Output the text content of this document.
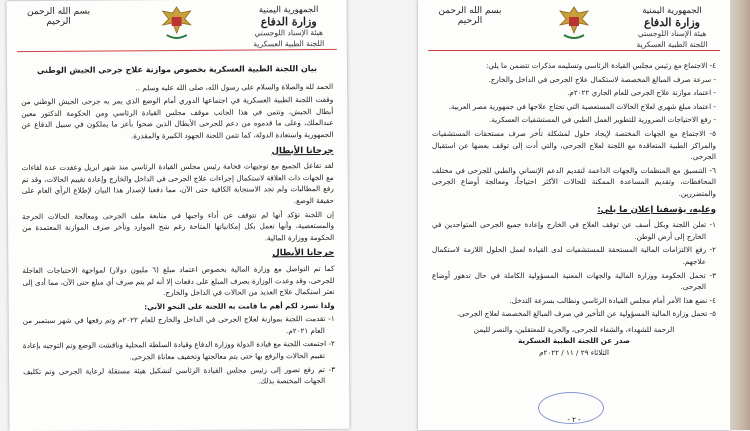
الجمهورية اليمنية
وزارة الدفاع
هيئة الإسناد اللوجستي
اللجنة الطبية العسكرية
بسم الله الرحمن الرحيم
بيان اللجنة الطبية العسكرية بخصوص موازنة علاج جرحى الجيش الوطني

الحمد لله والصلاة والسلام على رسول الله، صلى الله عليه وسلم ..

وقفت اللجنة الطبية العسكرية في اجتماعها الدوري أمام الوضع الذي يمر به جرحى الجيش الوطني من أبطال الجيش، وتثمن في هذا الجانب موقف مجلس القيادة الرئاسي ومن الحكومة الدكتور معين عبدالملك، وعلى ما قدموه من دعم للجرحى الأبطال الذين ضحوا بأعز ما يملكون في سبيل الدفاع عن الجمهورية واستعادة الدولة، كما تثمن اللجنة الجهود الكبيرة والمقدرة.

جرحانا الأبطال

لقد تفاعل الجميع مع توجيهات فخامة رئيس مجلس القيادة الرئاسي منذ شهر ابريل وعقدت عدة لقاءات مع الجهات ذات العلاقة لاستكمال إجراءات علاج الجرحى في الداخل والخارج وإعادة تقييم الحالات، وقد تم رفع المطالبات ولم تجد الاستجابة الكافية حتى الآن، مما دفعنا لإصدار هذا البيان لإطلاع الرأي العام على حقيقة الوضع.

إن اللجنة تؤكد أنها لم تتوقف عن أداء واجبها في متابعة ملف الجرحى ومعالجة الحالات الحرجة والمستعصية، وأنها تعمل بكل إمكانياتها المتاحة رغم شح الموارد وتأخر صرف الموازنة المعتمدة من الحكومة ووزارة المالية.

جرحانا الأبطال

كما تم التواصل مع وزارة المالية بخصوص اعتماد مبلغ (٦ مليون دولار) لمواجهة الاحتياجات العاجلة للجرحى، وقد وعدت الوزارة بصرف المبلغ على دفعات إلا أنه لم يتم صرف أي مبلغ حتى الآن، مما أدى إلى تعثر استكمال علاج العديد من الحالات في الداخل والخارج.

ولذا نسرد لكم أهم ما قامت به اللجنة على النحو الآتي:

١- تقدمت اللجنة بموازنة لعلاج الجرحى في الداخل والخارج للعام ٢٠٢٢م وتم رفعها في شهر سبتمبر من العام ٢٠٢١م.

٢- اجتمعت اللجنة مع قيادة الدولة ووزارة الدفاع وقيادة السلطة المحلية وناقشت الوضع وتم التوجيه بإعادة تقييم الحالات والرفع بها حتى يتم معالجتها وتخفيف معاناة الجرحى.

٣- تم رفع تصور إلى رئيس مجلس القيادة الرئاسي لتشكيل هيئة مستقلة لرعاية الجرحى وتم تكليف الجهات المختصة بذلك.

الجمهورية اليمنية
وزارة الدفاع
هيئة الإسناد اللوجستي
اللجنة الطبية العسكرية
بسم الله الرحمن الرحيم

٤- الاجتماع مع رئيس مجلس القيادة الرئاسي وتسليمه مذكرات تتضمن ما يلي:

- سرعة صرف المبالغ المخصصة لاستكمال علاج الجرحى في الداخل والخارج.

- اعتماد موازنة علاج الجرحى للعام الجاري ٢٠٢٢م.

- اعتماد مبلغ شهري لعلاج الحالات المستعصية التي تحتاج علاجها في جمهورية مصر العربية.

- رفع الاحتياجات الضرورية للتطوير العمل الطبي في المستشفيات العسكرية.

٥- الاجتماع مع الجهات المختصة لإيجاد حلول لمشكلة تأخر صرف مستحقات المستشفيات والمراكز الطبية المتعاقدة مع اللجنة لعلاج الجرحى، والتي أدت إلى توقف بعضها عن استقبال الجرحى.

٦- التنسيق مع المنظمات والجهات الداعمة لتقديم الدعم الإنساني والطبي للجرحى في مختلف المحافظات، وتقديم المساعدة الممكنة للحالات الأكثر احتياجاً، ومعالجة أوضاع الجرحى والمتضررين.

وعليه، يؤسفنا إعلان ما يلي:

١- تعلن اللجنة وبكل أسف عن توقف العلاج في الخارج وإعادة جميع الجرحى المتواجدين في الخارج إلى أرض الوطن.

٢- رفع الالتزامات المالية المستحقة للمستشفيات لدى القيادة لعمل الحلول اللازمة لاستكمال علاجهم.

٣- تحمل الحكومة ووزارة المالية والجهات المعنية المسؤولية الكاملة في حال تدهور أوضاع الجرحى.

٤- نضع هذا الأمر أمام مجلس القيادة الرئاسي ونطالب بسرعة التدخل.

٥- تحمل وزارة المالية المسؤولية عن التأخير في صرف المبالغ المخصصة لعلاج الجرحى.

الرحمة للشهداء، والشفاء للجرحى، والحرية للمعتقلين، والنصر لليمن
صدر عن اللجنة الطبية العسكرية
الثلاثاء ٢٩ / ١١ / ٢٠٢٢م
- ٢ -
